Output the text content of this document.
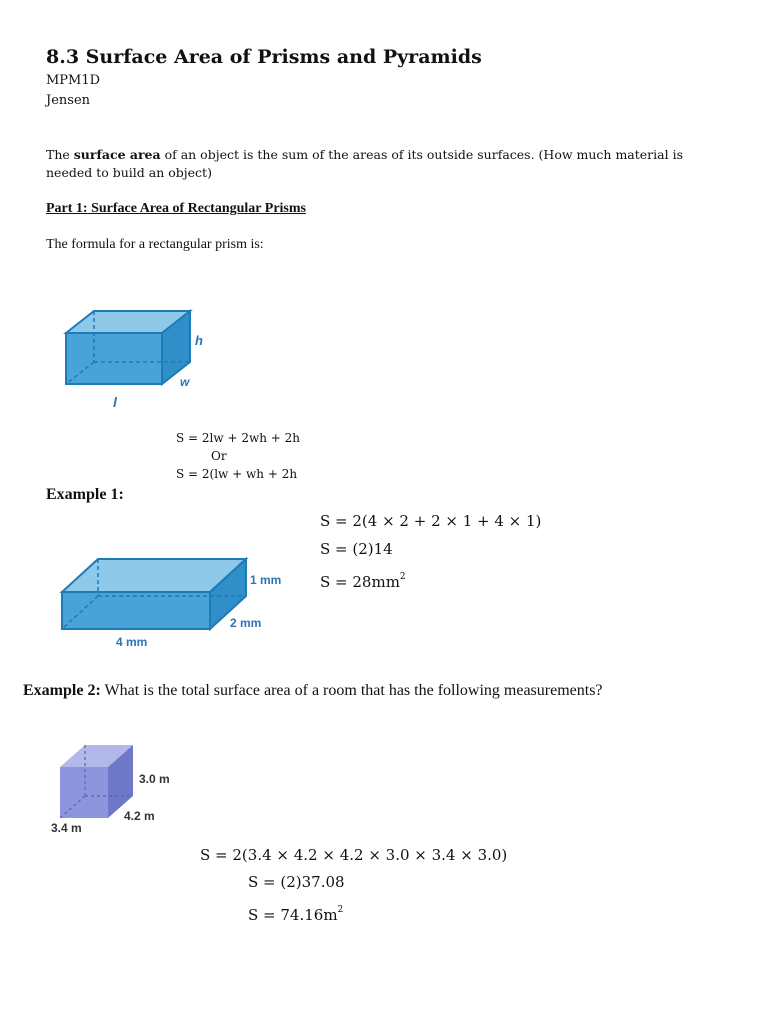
8.3 Surface Area of Prisms and Pyramids
MPM1D
Jensen
The surface area of an object is the sum of the areas of its outside surfaces. (How much material is needed to build an object)
Part 1: Surface Area of Rectangular Prisms
The formula for a rectangular prism is:
h
w
l
S = 2lw + 2wh + 2h
Or
S = 2(lw + wh + 2h
Example 1:
S = 2(4 × 2 + 2 × 1 + 4 × 1)
S = (2)14
$S = 28mm^2$
1 mm
2 mm
4 mm
Example 2: What is the total surface area of a room that has the following measurements?
3.0 m
4.2 m
3.4 m
S = 2(3.4 × 4.2 × 4.2 × 3.0 × 3.4 × 3.0)
S = (2)37.08
$S = 74.16m^2$
